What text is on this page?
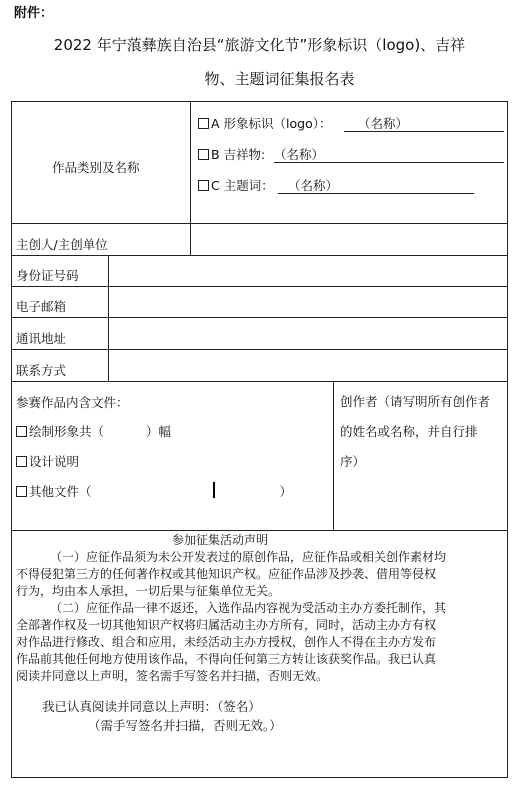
附件：
2022 年宁蒗彝族自治县“旅游文化节”形象标识（logo)、吉祥
物、主题词征集报名表
作品类别及名称
A 形象标识（logo）： （名称）
B 吉祥物: （名称）
C 主题词： （名称）
主创人/主创单位
身份证号码
电子邮箱
通讯地址
联系方式
参赛作品内含文件：
绘制形象共（	）幅
设计说明
其他文件（	）
创作者（请写明所有创作者
的姓名或名称，并自行排
序）
参加征集活动声明
（一）应征作品须为未公开发表过的原创作品，应征作品或相关创作素材均
不得侵犯第三方的任何著作权或其他知识产权。应征作品涉及抄袭、借用等侵权
行为，均由本人承担，一切后果与征集单位无关。
（二）应征作品一律不返还，入选作品内容视为受活动主办方委托制作，其
全部著作权及一切其他知识产权将归属活动主办方所有，同时，活动主办方有权
对作品进行修改、组合和应用，未经活动主办方授权，创作人不得在主办方发布
作品前其他任何地方使用该作品，不得向任何第三方转让该获奖作品。我已认真
阅读并同意以上声明，签名需手写签名并扫描，否则无效。
我已认真阅读并同意以上声明：（签名）
（需手写签名并扫描，否则无效。）
